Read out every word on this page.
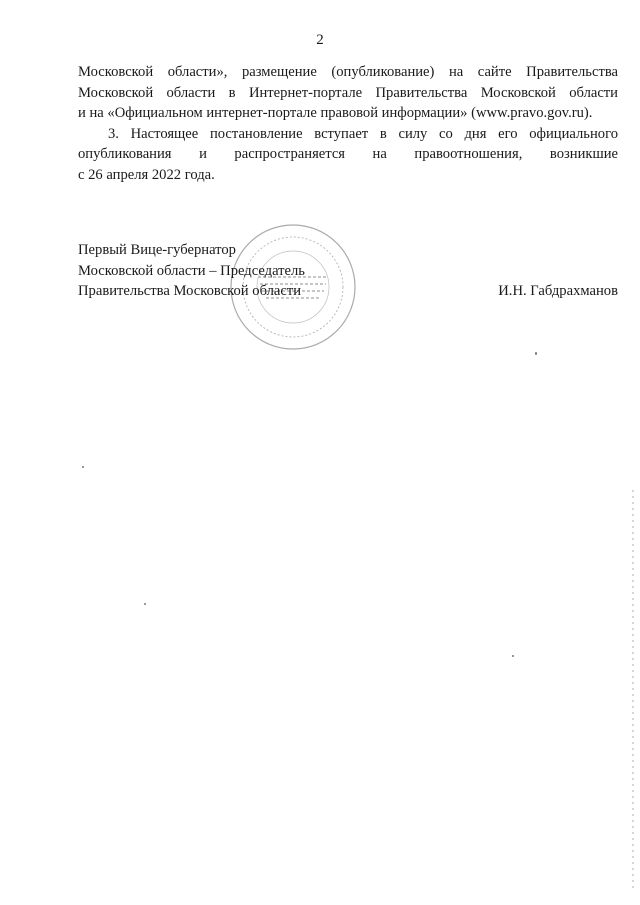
2
Московской области», размещение (опубликование) на сайте Правительства
Московской области в Интернет-портале Правительства Московской области
и на «Официальном интернет-портале правовой информации» (www.pravo.gov.ru).
3. Настоящее постановление вступает в силу со дня его официального
опубликования и распространяется на правоотношения, возникшие
с 26 апреля 2022 года.
Первый Вице-губернатор
Московской области – Председатель
Правительства Московской области	И.Н. Габдрахманов
